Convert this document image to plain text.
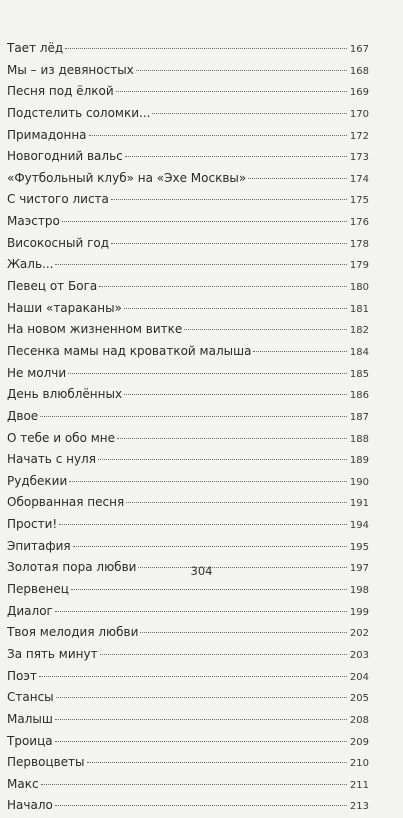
Тает лёд	167
Мы – из девяностых	168
Песня под ёлкой	169
Подстелить соломки...	170
Примадонна	172
Новогодний вальс	173
«Футбольный клуб» на «Эхе Москвы»	174
С чистого листа	175
Маэстро	176
Високосный год	178
Жаль...	179
Певец от Бога	180
Наши «тараканы»	181
На новом жизненном витке	182
Песенка мамы над кроваткой малыша	184
Не молчи	185
День влюблённых	186
Двое	187
О тебе и обо мне	188
Начать с нуля	189
Рудбекии	190
Оборванная песня	191
Прости!	194
Эпитафия	195
Золотая пора любви	197
Первенец	198
Диалог	199
Твоя мелодия любви	202
За пять минут	203
Поэт	204
Стансы	205
Малыш	208
Троица	209
Первоцветы	210
Макс	211
Начало	213
304
